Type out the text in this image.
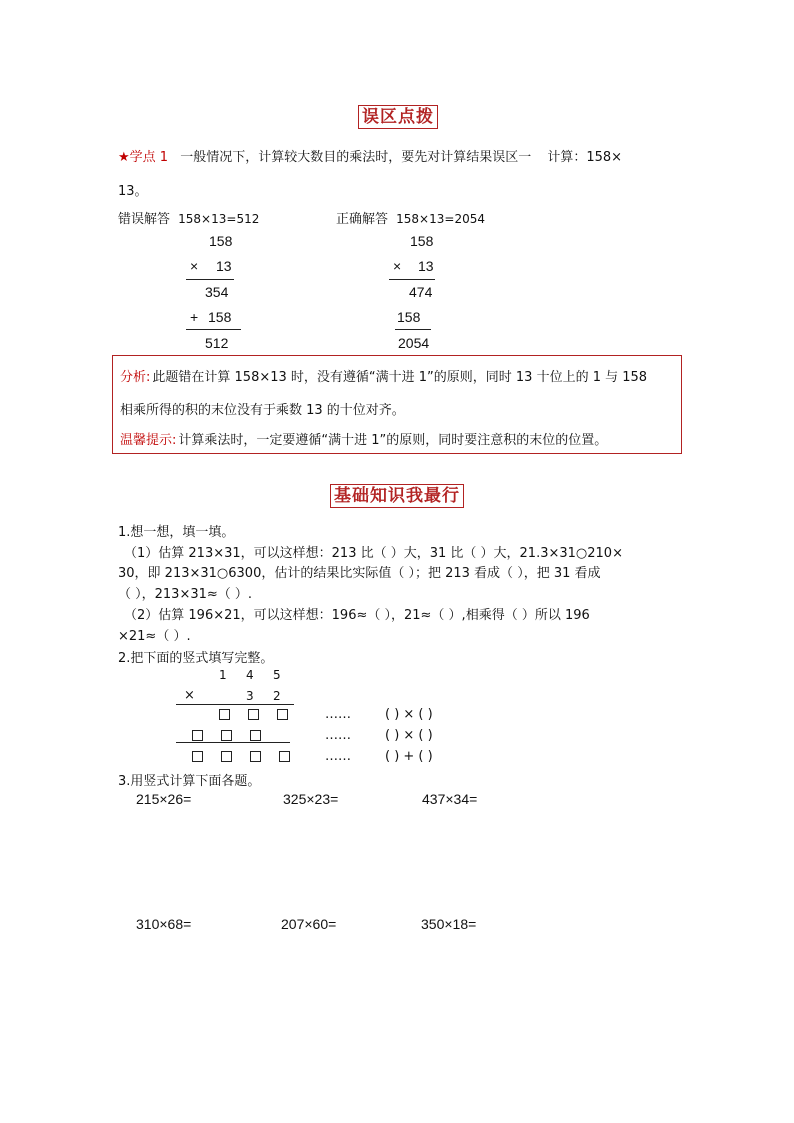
误区点拨
★学点 1 一般情况下，计算较大数目的乘法时，要先对计算结果误区一 计算：158×
13。
错误解答 158×13=512	正确解答 158×13=2054
158
× 13
354
+ 158
512
158
× 13
474
158
2054
分析: 此题错在计算 158×13 时，没有遵循“满十进 1”的原则，同时 13 十位上的 1 与 158
相乘所得的积的末位没有于乘数 13 的十位对齐。
温馨提示: 计算乘法时，一定要遵循“满十进 1”的原则，同时要注意积的末位的位置。
基础知识我最行
1.想一想，填一填。
（1）估算 213×31，可以这样想：213 比（ ）大，31 比（ ）大，21.3×31○210×
30，即 213×31○6300，估计的结果比实际值（ ）；把 213 看成（ ），把 31 看成
（ ），213×31≈（ ）.
（2）估算 196×21，可以这样想：196≈（ ），21≈（ ）,相乘得（ ）所以 196
×21≈（ ）.
2.把下面的竖式填写完整。
1 4 5
×	3 2

……	( ) × ( )

……	( ) × ( )

……	( ) + ( )
3.用竖式计算下面各题。
215×26=	325×23=	437×34=
310×68=	207×60=	350×18=
